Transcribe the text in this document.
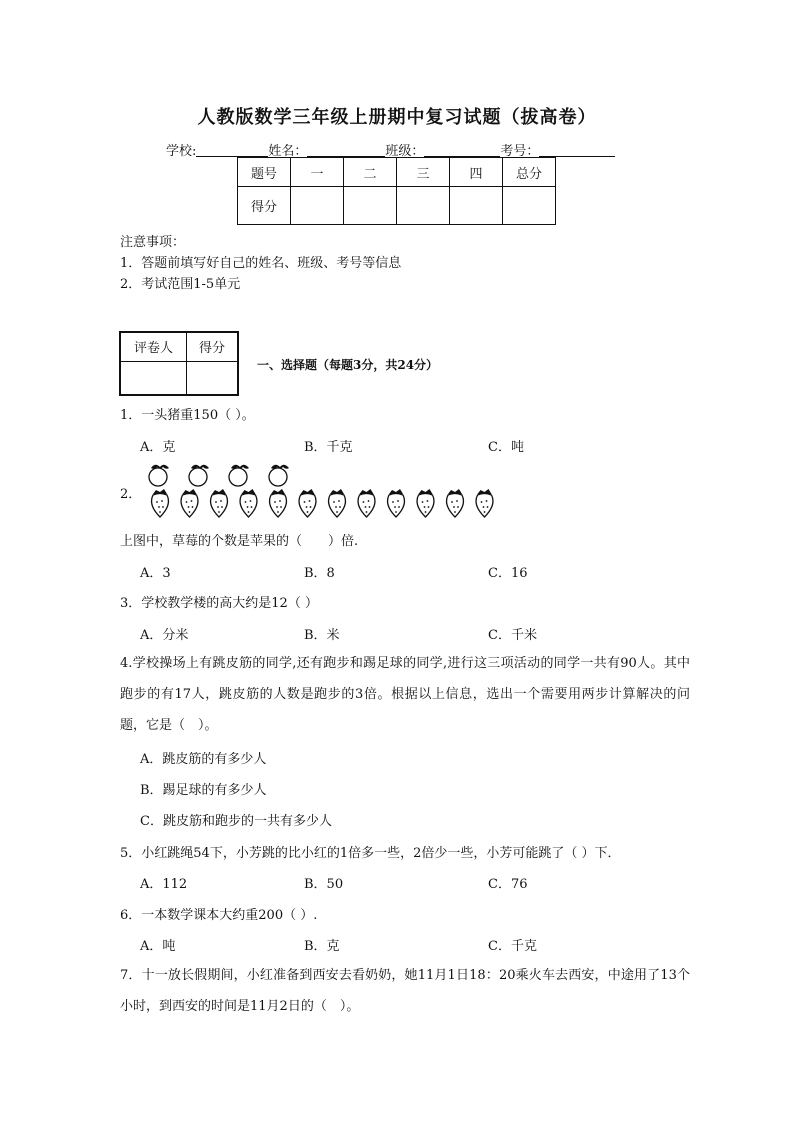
人教版数学三年级上册期中复习试题（拔高卷）
学校:	姓名：	班级：	考号：
题号	一	二	三	四	总分
得分					
注意事项：
1．答题前填写好自己的姓名、班级、考号等信息
2．考试范围1-5单元
评卷人	得分

一、选择题（每题3分，共24分）
1．一头猪重150（ ）。
A．克	B．千克	C．吨
2．
上图中，草莓的个数是苹果的（　　）倍.
A．3	B．8	C．16
3．学校教学楼的高大约是12（ ）
A．分米	B．米	C．千米
4.学校操场上有跳皮筋的同学,还有跑步和踢足球的同学,进行这三项活动的同学一共有90人。其中跑步的有17人，跳皮筋的人数是跑步的3倍。根据以上信息，选出一个需要用两步计算解决的问题，它是（　）。
A．跳皮筋的有多少人
B．踢足球的有多少人
C．跳皮筋和跑步的一共有多少人
5．小红跳绳54下，小芳跳的比小红的1倍多一些，2倍少一些，小芳可能跳了（ ）下．
A．112	B．50	C．76
6．一本数学课本大约重200（ ）.
A．吨	B．克	C．千克
7．十一放长假期间，小红准备到西安去看奶奶，她11月1日18：20乘火车去西安，中途用了13个小时，到西安的时间是11月2日的（　）。
